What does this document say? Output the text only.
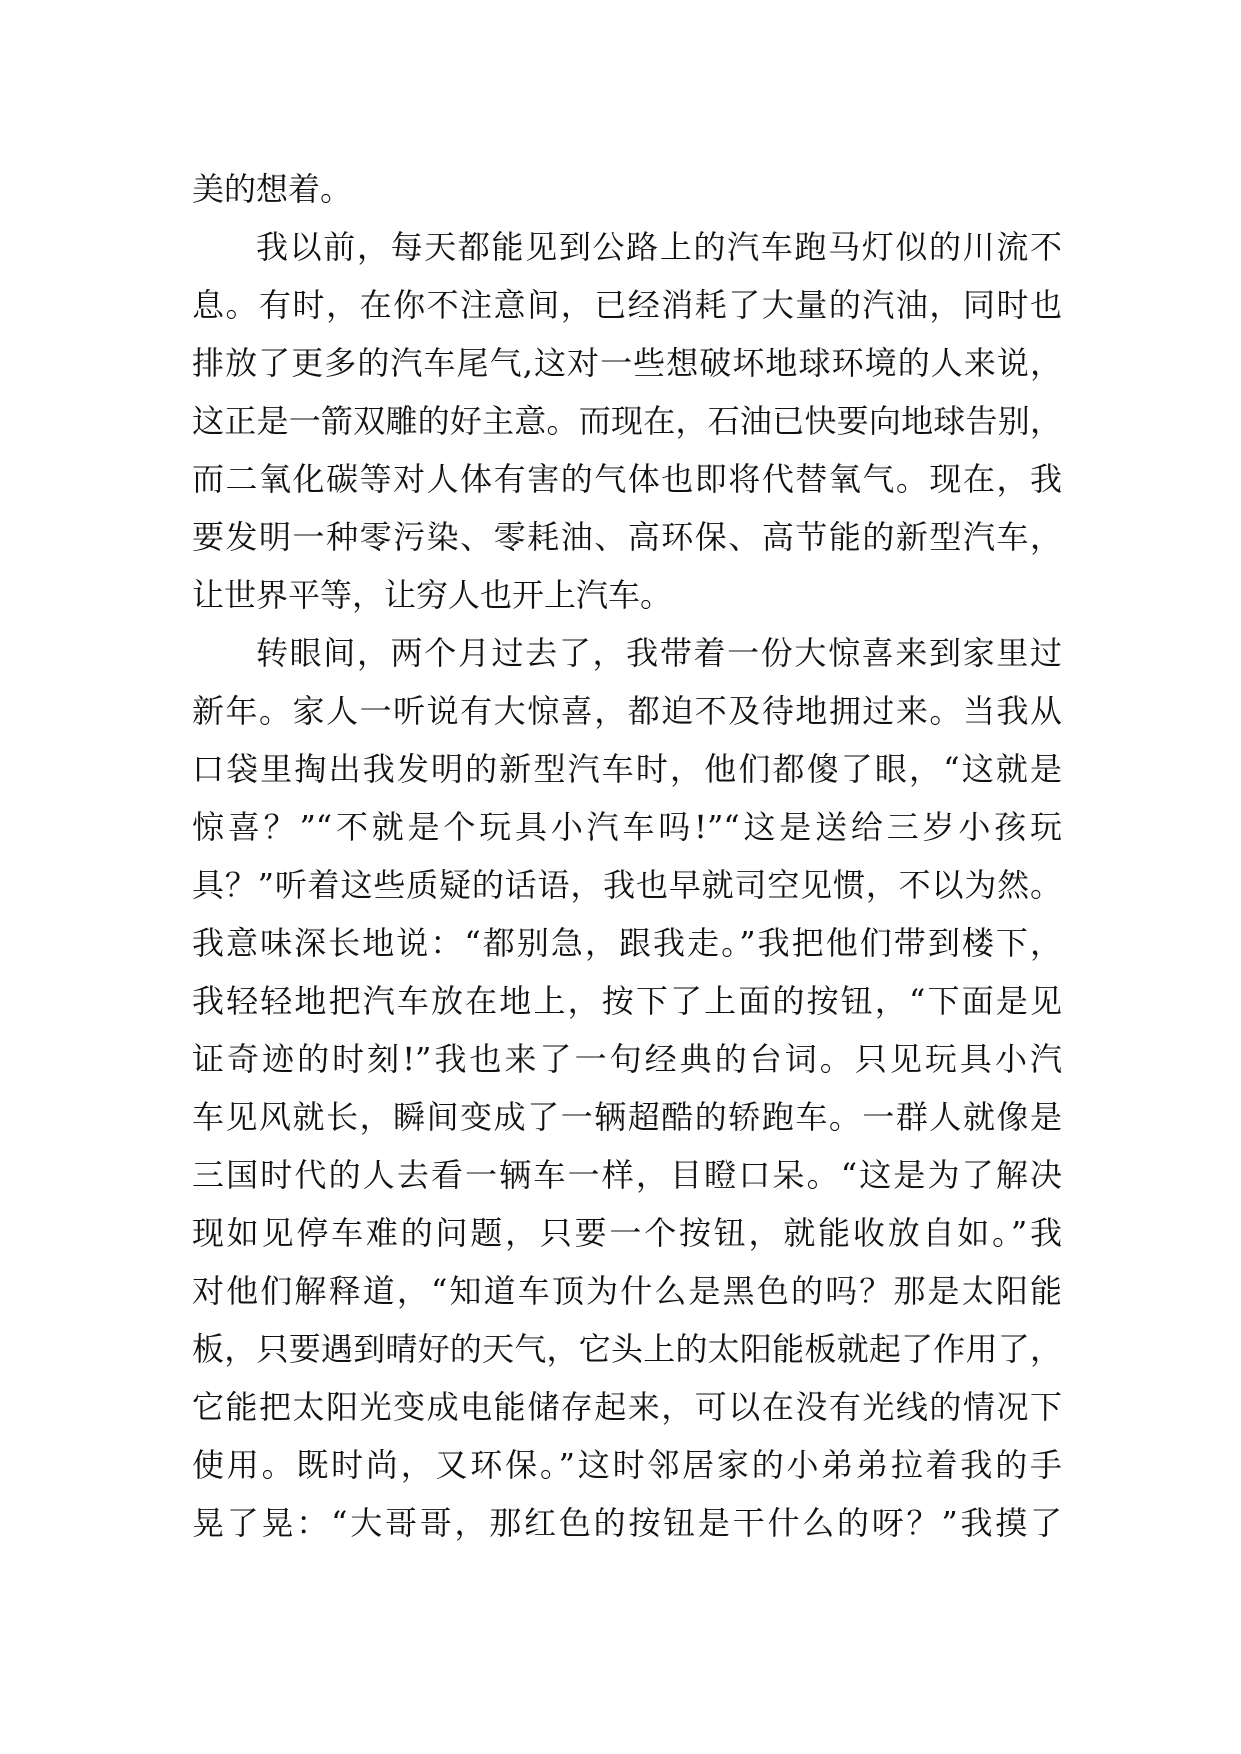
美的想着。
我以前，每天都能见到公路上的汽车跑马灯似的川流不
息。有时，在你不注意间，已经消耗了大量的汽油，同时也
排放了更多的汽车尾气,这对一些想破坏地球环境的人来说，
这正是一箭双雕的好主意。而现在，石油已快要向地球告别，
而二氧化碳等对人体有害的气体也即将代替氧气。现在，我
要发明一种零污染、零耗油、高环保、高节能的新型汽车，
让世界平等，让穷人也开上汽车。
转眼间，两个月过去了，我带着一份大惊喜来到家里过
新年。家人一听说有大惊喜，都迫不及待地拥过来。当我从
口袋里掏出我发明的新型汽车时，他们都傻了眼，“这就是
惊喜？”“不就是个玩具小汽车吗!”“这是送给三岁小孩玩
具？”听着这些质疑的话语，我也早就司空见惯，不以为然。
我意味深长地说：“都别急，跟我走。”我把他们带到楼下，
我轻轻地把汽车放在地上，按下了上面的按钮，“下面是见
证奇迹的时刻!”我也来了一句经典的台词。只见玩具小汽
车见风就长，瞬间变成了一辆超酷的轿跑车。一群人就像是
三国时代的人去看一辆车一样，目瞪口呆。“这是为了解决
现如见停车难的问题，只要一个按钮，就能收放自如。”我
对他们解释道，“知道车顶为什么是黑色的吗？那是太阳能
板，只要遇到晴好的天气，它头上的太阳能板就起了作用了，
它能把太阳光变成电能储存起来，可以在没有光线的情况下
使用。既时尚，又环保。”这时邻居家的小弟弟拉着我的手
晃了晃：“大哥哥，那红色的按钮是干什么的呀？”我摸了
